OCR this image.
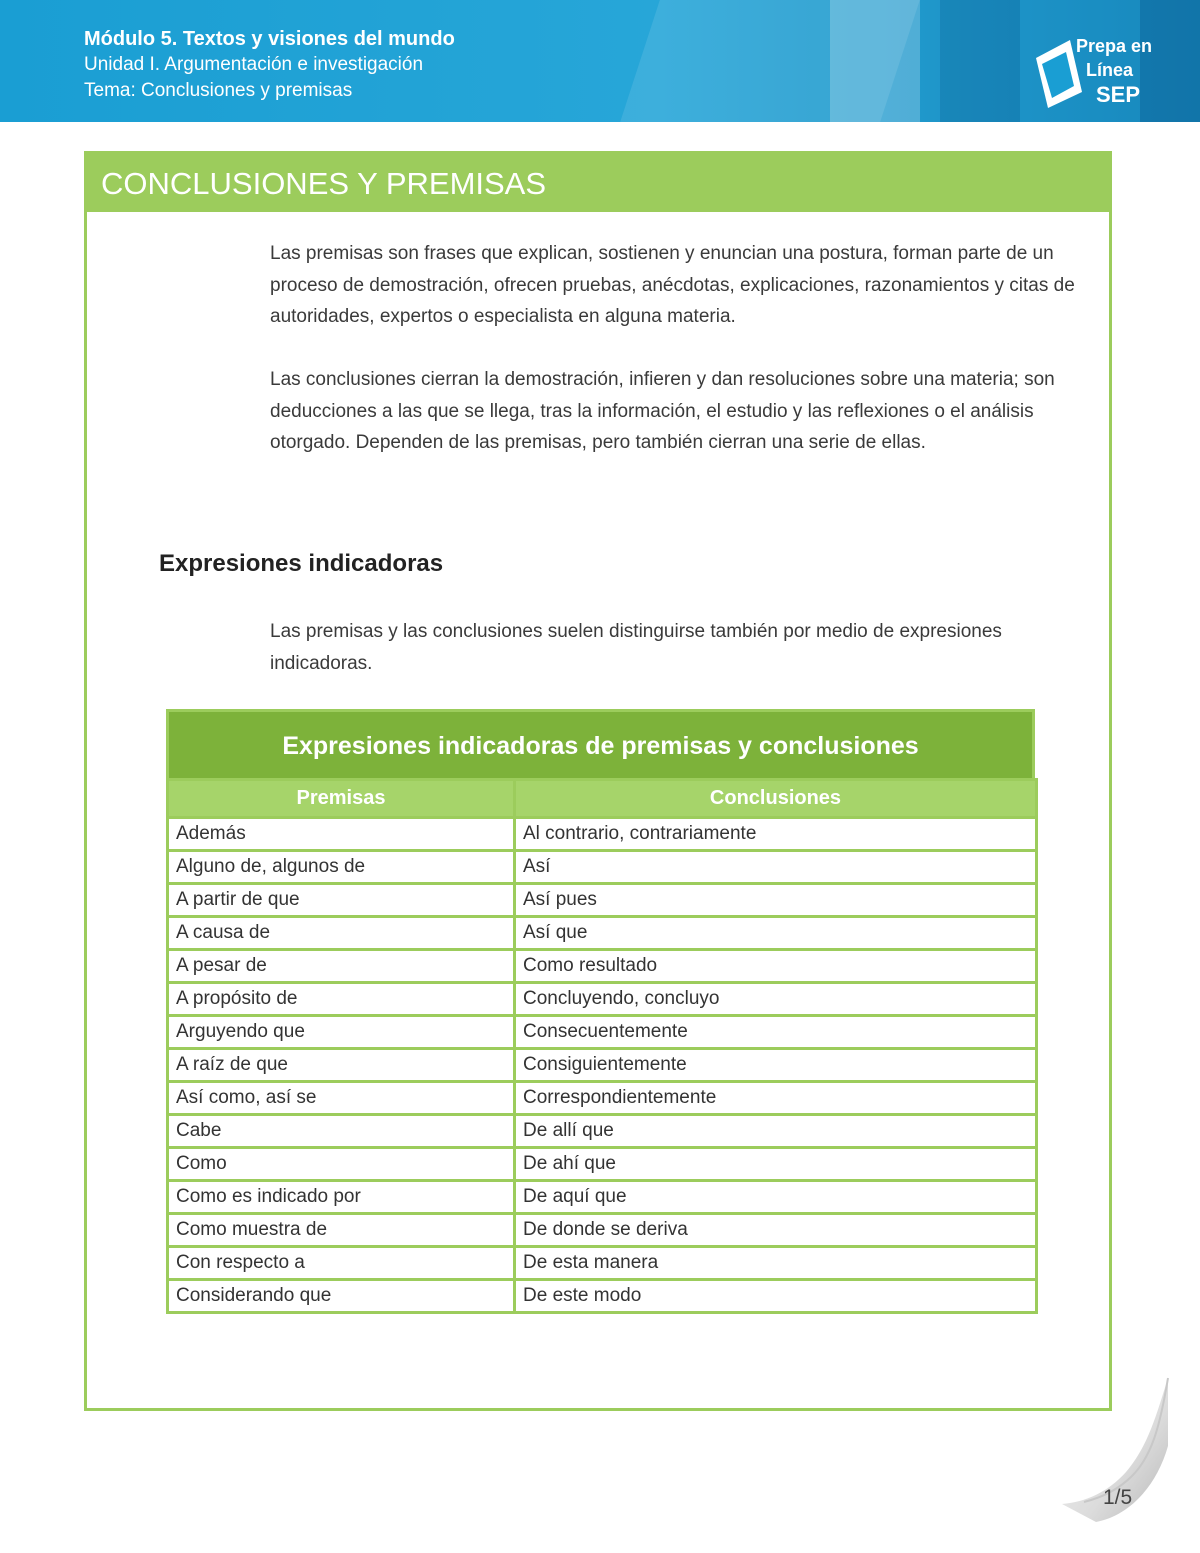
Módulo 5. Textos y visiones del mundo
Unidad I. Argumentación e investigación
Tema: Conclusiones y premisas
Prepa en
Línea
SEP
CONCLUSIONES Y PREMISAS
Las premisas son frases que explican, sostienen y enuncian una postura, forman parte de un proceso de demostración, ofrecen pruebas, anécdotas, explicaciones, razonamientos y citas de autoridades, expertos o especialista en alguna materia.
Las conclusiones cierran la demostración, infieren y dan resoluciones sobre una materia; son deducciones a las que se llega, tras la información, el estudio y las reflexiones o el análisis otorgado. Dependen de las premisas, pero también cierran una serie de ellas.
Expresiones indicadoras
Las premisas y las conclusiones suelen distinguirse también por medio de expresiones indicadoras.
Expresiones indicadoras de premisas y conclusiones
Premisas	Conclusiones
Además	Al contrario, contrariamente
Alguno de, algunos de	Así
A partir de que	Así pues
A causa de	Así que
A pesar de	Como resultado
A propósito de	Concluyendo, concluyo
Arguyendo que	Consecuentemente
A raíz de que	Consiguientemente
Así como, así se	Correspondientemente
Cabe	De allí que
Como	De ahí que
Como es indicado por	De aquí que
Como muestra de	De donde se deriva
Con respecto a	De esta manera
Considerando que	De este modo
1/5
